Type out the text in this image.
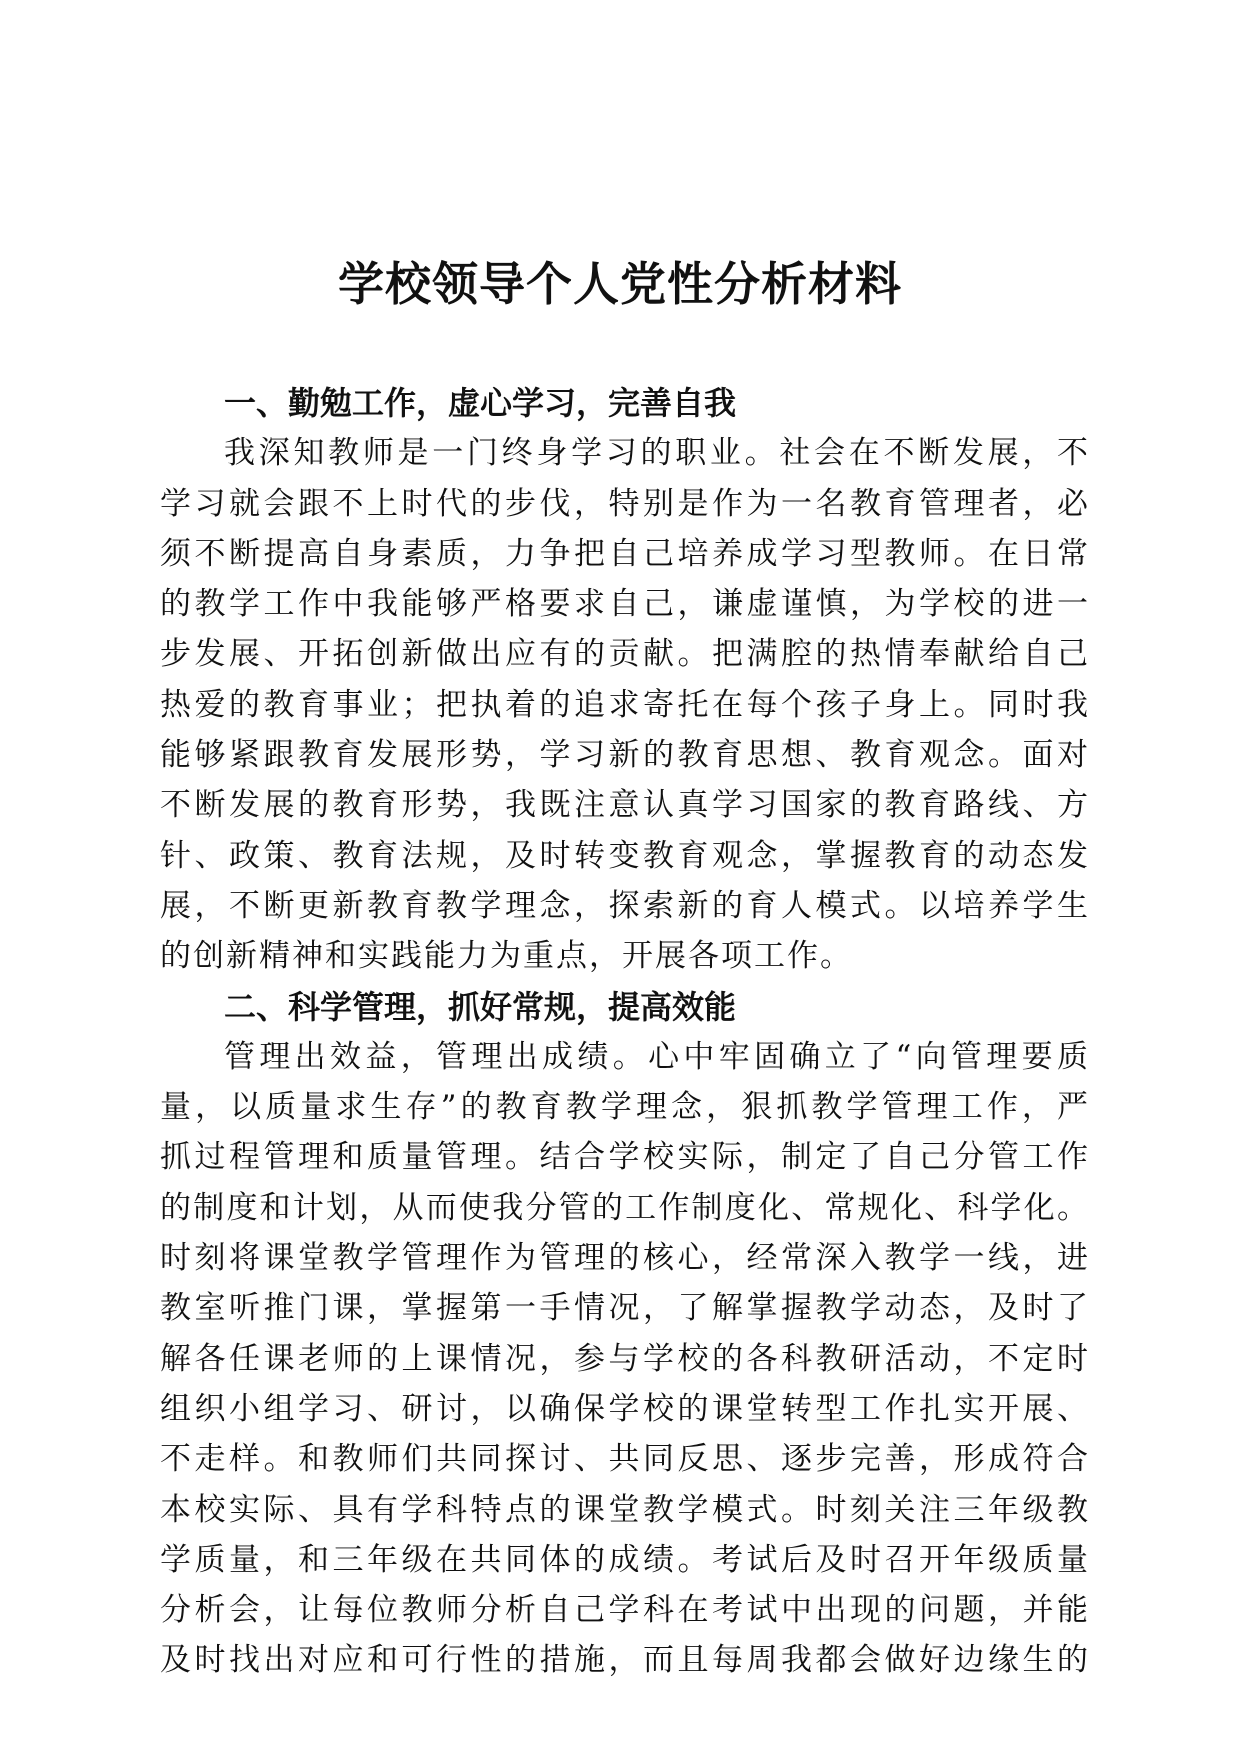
学校领导个人党性分析材料
一、勤勉工作，虚心学习，完善自我
我深知教师是一门终身学习的职业。社会在不断发展，不
学习就会跟不上时代的步伐，特别是作为一名教育管理者，必
须不断提高自身素质，力争把自己培养成学习型教师。在日常
的教学工作中我能够严格要求自己，谦虚谨慎，为学校的进一
步发展、开拓创新做出应有的贡献。把满腔的热情奉献给自己
热爱的教育事业；把执着的追求寄托在每个孩子身上。同时我
能够紧跟教育发展形势，学习新的教育思想、教育观念。面对
不断发展的教育形势，我既注意认真学习国家的教育路线、方
针、政策、教育法规，及时转变教育观念，掌握教育的动态发
展，不断更新教育教学理念，探索新的育人模式。以培养学生
的创新精神和实践能力为重点，开展各项工作。
二、科学管理，抓好常规，提高效能
管理出效益，管理出成绩。心中牢固确立了“向管理要质
量，以质量求生存”的教育教学理念，狠抓教学管理工作，严
抓过程管理和质量管理。结合学校实际，制定了自己分管工作
的制度和计划，从而使我分管的工作制度化、常规化、科学化。
时刻将课堂教学管理作为管理的核心，经常深入教学一线，进
教室听推门课，掌握第一手情况，了解掌握教学动态，及时了
解各任课老师的上课情况，参与学校的各科教研活动，不定时
组织小组学习、研讨，以确保学校的课堂转型工作扎实开展、
不走样。和教师们共同探讨、共同反思、逐步完善，形成符合
本校实际、具有学科特点的课堂教学模式。时刻关注三年级教
学质量，和三年级在共同体的成绩。考试后及时召开年级质量
分析会，让每位教师分析自己学科在考试中出现的问题，并能
及时找出对应和可行性的措施，而且每周我都会做好边缘生的
